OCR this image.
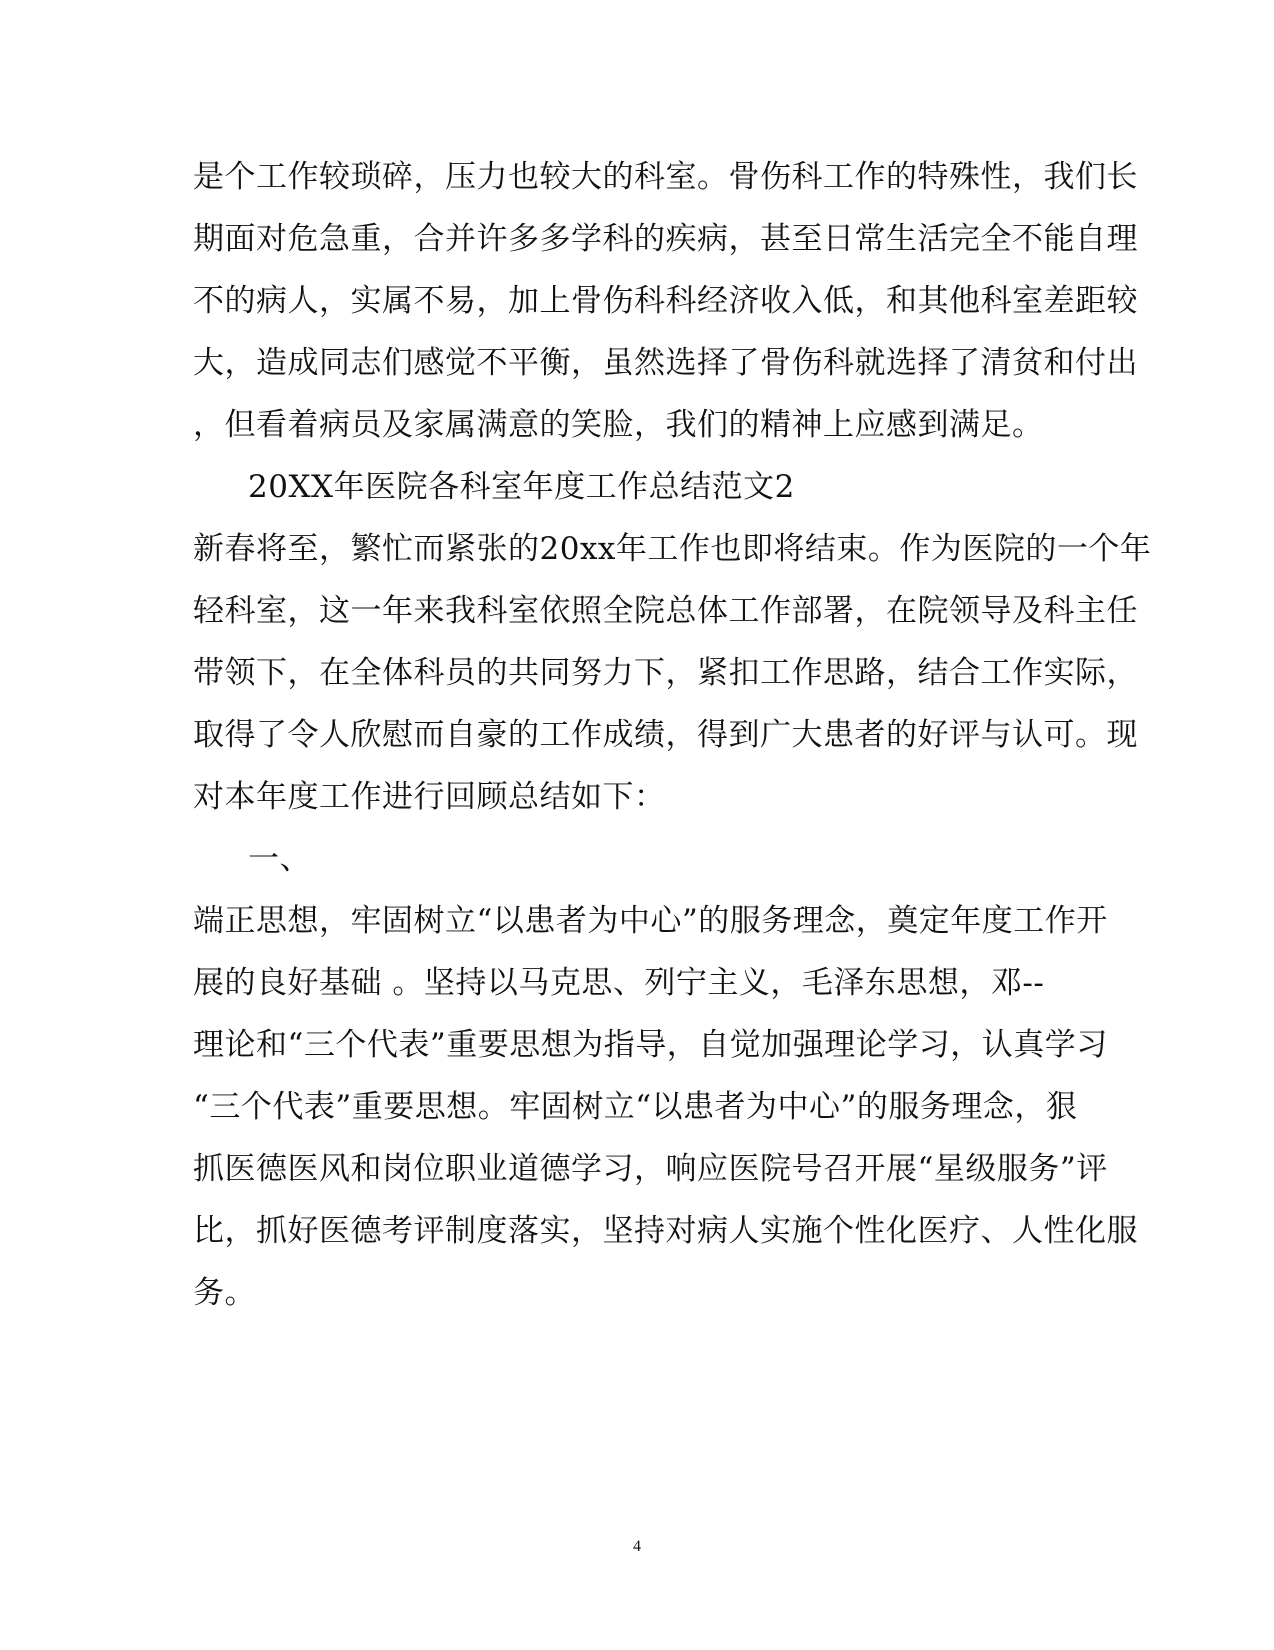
是个工作较琐碎，压力也较大的科室。骨伤科工作的特殊性，我们长
期面对危急重，合并许多多学科的疾病，甚至日常生活完全不能自理
不的病人，实属不易，加上骨伤科科经济收入低，和其他科室差距较
大，造成同志们感觉不平衡，虽然选择了骨伤科就选择了清贫和付出
，但看着病员及家属满意的笑脸，我们的精神上应感到满足。
20XX年医院各科室年度工作总结范文2
新春将至，繁忙而紧张的20xx年工作也即将结束。作为医院的一个年
轻科室，这一年来我科室依照全院总体工作部署，在院领导及科主任
带领下，在全体科员的共同努力下，紧扣工作思路，结合工作实际，
取得了令人欣慰而自豪的工作成绩，得到广大患者的好评与认可。现
对本年度工作进行回顾总结如下：
一、
端正思想，牢固树立“以患者为中心”的服务理念，奠定年度工作开
展的良好基础 。坚持以马克思、列宁主义，毛泽东思想，邓--
理论和“三个代表”重要思想为指导，自觉加强理论学习，认真学习
“三个代表”重要思想。牢固树立“以患者为中心”的服务理念，狠
抓医德医风和岗位职业道德学习，响应医院号召开展“星级服务”评
比，抓好医德考评制度落实，坚持对病人实施个性化医疗、人性化服
务。
4
